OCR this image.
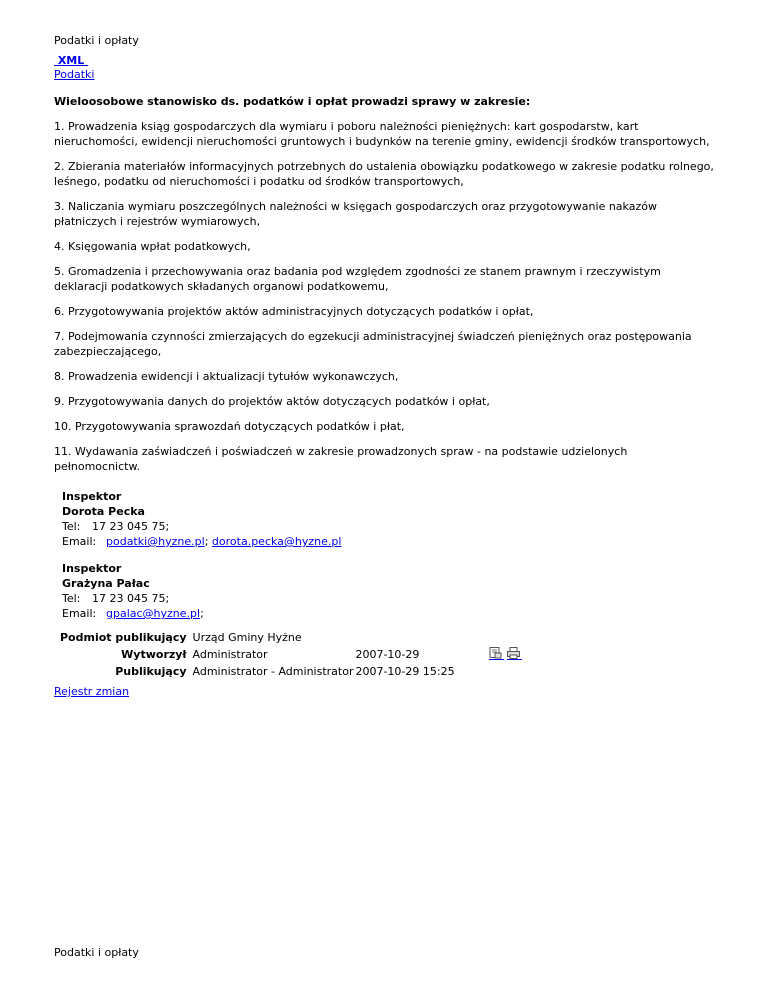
Podatki i opłaty
XML
Podatki

Wieloosobowe stanowisko ds. podatków i opłat prowadzi sprawy w zakresie:

1. Prowadzenia ksiąg gospodarczych dla wymiaru i poboru należności pieniężnych: kart gospodarstw, kart nieruchomości, ewidencji nieruchomości gruntowych i budynków na terenie gminy, ewidencji środków transportowych,

2. Zbierania materiałów informacyjnych potrzebnych do ustalenia obowiązku podatkowego w zakresie podatku rolnego, leśnego, podatku od nieruchomości i podatku od środków transportowych,

3. Naliczania wymiaru poszczególnych należności w księgach gospodarczych oraz przygotowywanie nakazów płatniczych i rejestrów wymiarowych,

4. Księgowania wpłat podatkowych,

5. Gromadzenia i przechowywania oraz badania pod względem zgodności ze stanem prawnym i rzeczywistym deklaracji podatkowych składanych organowi podatkowemu,

6. Przygotowywania projektów aktów administracyjnych dotyczących podatków i opłat,

7. Podejmowania czynności zmierzających do egzekucji administracyjnej świadczeń pieniężnych oraz postępowania zabezpieczającego,

8. Prowadzenia ewidencji i aktualizacji tytułów wykonawczych,

9. Przygotowywania danych do projektów aktów dotyczących podatków i opłat,

10. Przygotowywania sprawozdań dotyczących podatków i płat,

11. Wydawania zaświadczeń i poświadczeń w zakresie prowadzonych spraw - na podstawie udzielonych pełnomocnictw.

Inspektor
Dorota Pecka
Tel: 17 23 045 75;
Email: podatki@hyzne.pl; dorota.pecka@hyzne.pl
Inspektor
Grażyna Pałac
Tel: 17 23 045 75;
Email: gpalac@hyzne.pl;
Podmiot publikujący	Urząd Gminy Hyżne		
Wytworzył	Administrator	2007-10-29	
Publikujący	Administrator - Administrator	2007-10-29 15:25	
Rejestr zmian
Podatki i opłaty
